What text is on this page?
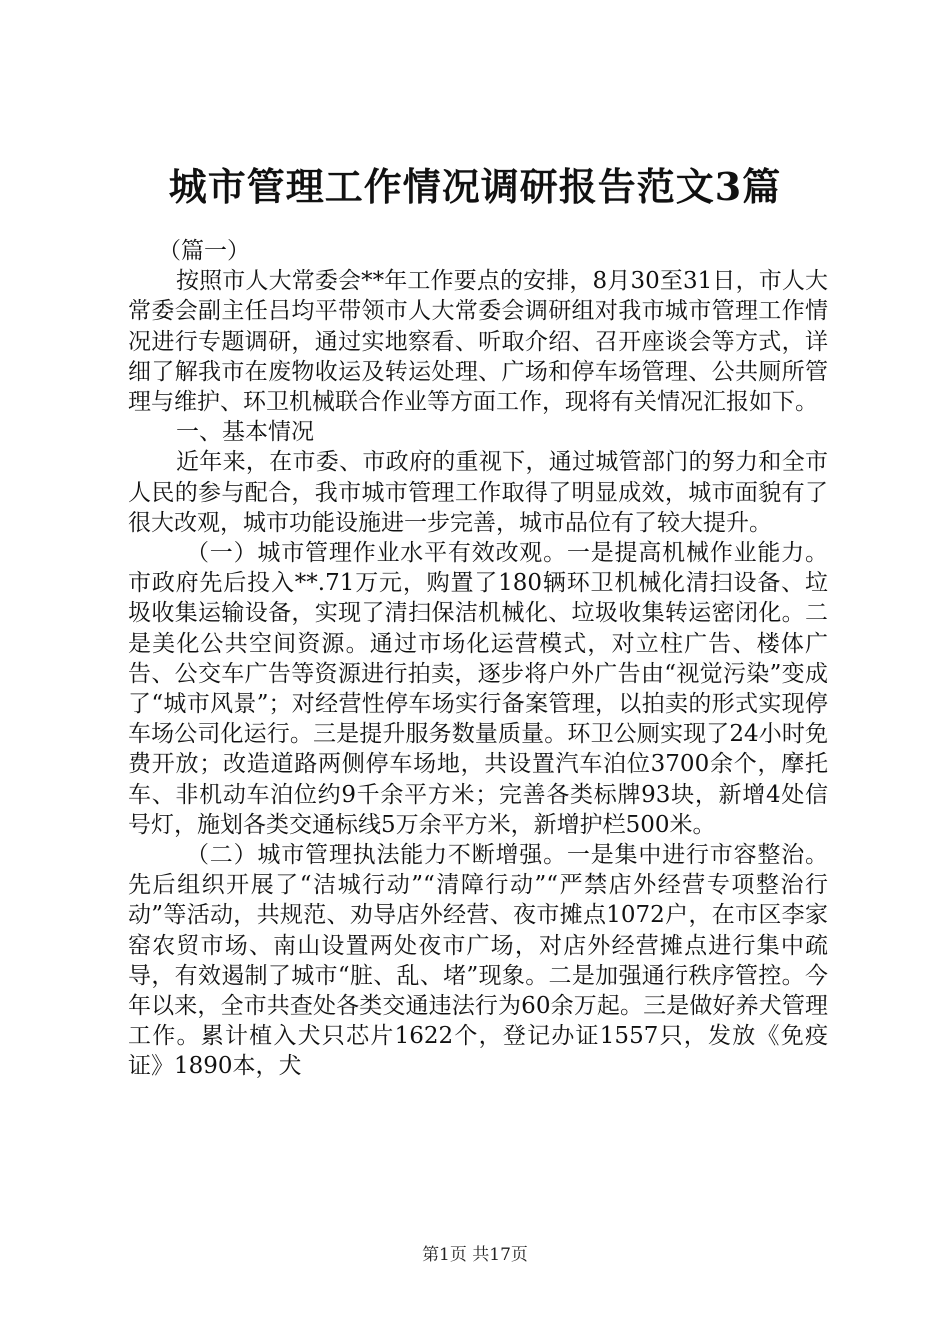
城市管理工作情况调研报告范文3篇

（篇一）

按照市人大常委会**年工作要点的安排，8月30至31日，市人大常委会副主任吕均平带领市人大常委会调研组对我市城市管理工作情况进行专题调研，通过实地察看、听取介绍、召开座谈会等方式，详细了解我市在废物收运及转运处理、广场和停车场管理、公共厕所管理与维护、环卫机械联合作业等方面工作，现将有关情况汇报如下。

一、基本情况

近年来，在市委、市政府的重视下，通过城管部门的努力和全市人民的参与配合，我市城市管理工作取得了明显成效，城市面貌有了很大改观，城市功能设施进一步完善，城市品位有了较大提升。

（一）城市管理作业水平有效改观。一是提高机械作业能力。市政府先后投入**.71万元，购置了180辆环卫机械化清扫设备、垃圾收集运输设备，实现了清扫保洁机械化、垃圾收集转运密闭化。二是美化公共空间资源。通过市场化运营模式，对立柱广告、楼体广告、公交车广告等资源进行拍卖，逐步将户外广告由“视觉污染”变成了“城市风景”；对经营性停车场实行备案管理，以拍卖的形式实现停车场公司化运行。三是提升服务数量质量。环卫公厕实现了24小时免费开放；改造道路两侧停车场地，共设置汽车泊位3700余个，摩托车、非机动车泊位约9千余平方米；完善各类标牌93块，新增4处信号灯，施划各类交通标线5万余平方米，新增护栏500米。

（二）城市管理执法能力不断增强。一是集中进行市容整治。先后组织开展了“洁城行动”“清障行动”“严禁店外经营专项整治行动”等活动，共规范、劝导店外经营、夜市摊点1072户，在市区李家窑农贸市场、南山设置两处夜市广场，对店外经营摊点进行集中疏导，有效遏制了城市“脏、乱、堵”现象。二是加强通行秩序管控。今年以来，全市共查处各类交通违法行为60余万起。三是做好养犬管理工作。累计植入犬只芯片1622个，登记办证1557只，发放《免疫证》1890本，犬

第1页 共17页
